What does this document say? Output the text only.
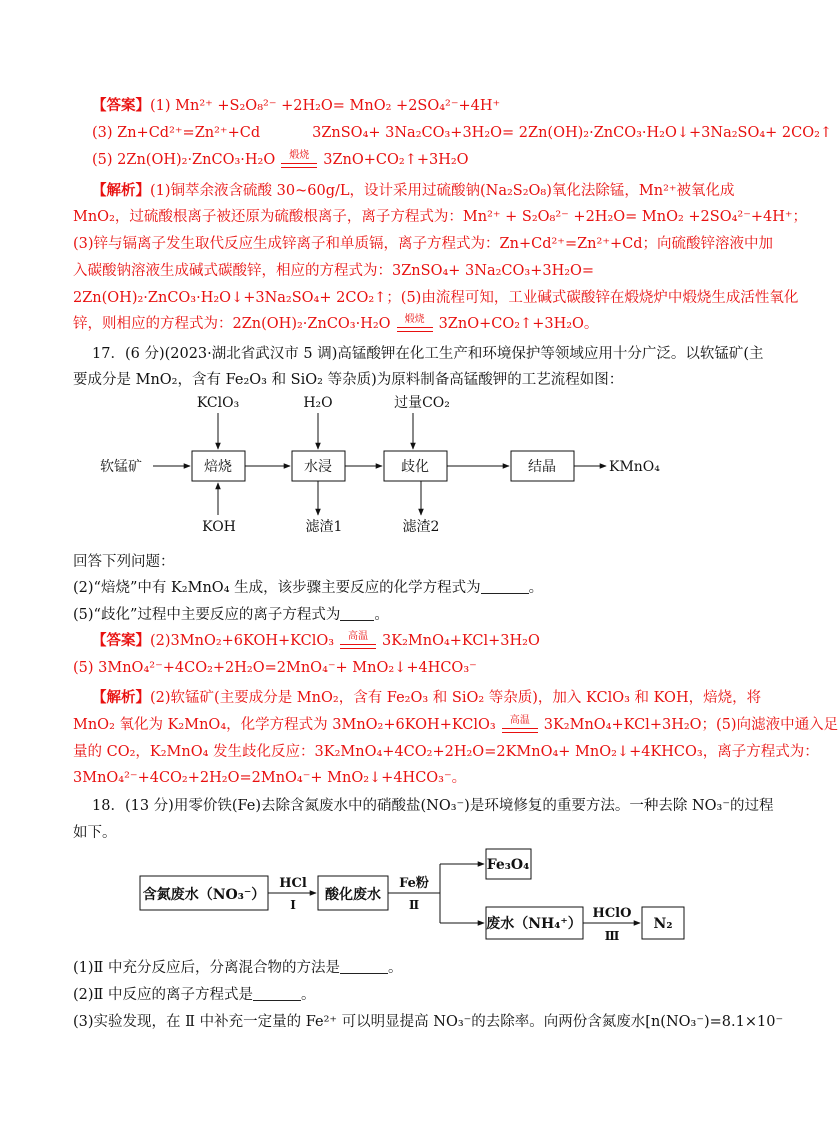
【答案】(1) Mn²⁺ +S₂O₈²⁻ +2H₂O= MnO₂ +2SO₄²⁻+4H⁺
(3) Zn+Cd²⁺=Zn²⁺+Cd	3ZnSO₄+ 3Na₂CO₃+3H₂O= 2Zn(OH)₂·ZnCO₃·H₂O↓+3Na₂SO₄+ 2CO₂↑
(5) 2Zn(OH)₂·ZnCO₃·H₂O	煅烧 3ZnO+CO₂↑+3H₂O
【解析】(1)铜萃余液含硫酸 30~60g/L，设计采用过硫酸钠(Na₂S₂O₈)氧化法除锰，Mn²⁺被氧化成
MnO₂，过硫酸根离子被还原为硫酸根离子，离子方程式为：Mn²⁺ + S₂O₈²⁻ +2H₂O= MnO₂ +2SO₄²⁻+4H⁺；
(3)锌与镉离子发生取代反应生成锌离子和单质镉，离子方程式为：Zn+Cd²⁺=Zn²⁺+Cd；向硫酸锌溶液中加
入碳酸钠溶液生成碱式碳酸锌，相应的方程式为：3ZnSO₄+ 3Na₂CO₃+3H₂O=
2Zn(OH)₂·ZnCO₃·H₂O↓+3Na₂SO₄+ 2CO₂↑；(5)由流程可知，工业碱式碳酸锌在煅烧炉中煅烧生成活性氧化
锌，则相应的方程式为：2Zn(OH)₂·ZnCO₃·H₂O	煅烧 3ZnO+CO₂↑+3H₂O。
17．(6 分)(2023·湖北省武汉市 5 调)高锰酸钾在化工生产和环境保护等领域应用十分广泛。以软锰矿(主
要成分是 MnO₂，含有 Fe₂O₃ 和 SiO₂ 等杂质)为原料制备高锰酸钾的工艺流程如图：
软锰矿	焙烧	水浸	歧化	结晶	KMnO₄
KClO₃	H₂O	过量CO₂
KOH	滤渣1	滤渣2
回答下列问题：
(2)“焙烧”中有 K₂MnO₄ 生成，该步骤主要反应的化学方程式为	。
(5)“歧化”过程中主要反应的离子方程式为 。
【答案】(2)3MnO₂+6KOH+KClO₃	高温 3K₂MnO₄+KCl+3H₂O
(5) 3MnO₄²⁻+4CO₂+2H₂O=2MnO₄⁻+ MnO₂↓+4HCO₃⁻
【解析】(2)软锰矿(主要成分是 MnO₂，含有 Fe₂O₃ 和 SiO₂ 等杂质)，加入 KClO₃ 和 KOH，焙烧，将
MnO₂ 氧化为 K₂MnO₄，化学方程式为 3MnO₂+6KOH+KClO₃	高温 3K₂MnO₄+KCl+3H₂O；(5)向滤液中通入足
量的 CO₂，K₂MnO₄ 发生歧化反应：3K₂MnO₄+4CO₂+2H₂O=2KMnO₄+ MnO₂↓+4KHCO₃，离子方程式为：
3MnO₄²⁻+4CO₂+2H₂O=2MnO₄⁻+ MnO₂↓+4HCO₃⁻。
18．(13 分)用零价铁(Fe)去除含氮废水中的硝酸盐(NO₃⁻)是环境修复的重要方法。一种去除 NO₃⁻的过程
如下。
含氮废水（NO₃⁻）	酸化废水
Fe₃O₄
废水（NH₄⁺）	N₂
HCl
Ⅰ
Fe粉
Ⅱ
HClO
Ⅲ
(1)Ⅱ 中充分反应后，分离混合物的方法是	。
(2)Ⅱ 中反应的离子方程式是	。
(3)实验发现，在 Ⅱ 中补充一定量的 Fe²⁺ 可以明显提高 NO₃⁻的去除率。向两份含氮废水[n(NO₃⁻)=8.1×10⁻
